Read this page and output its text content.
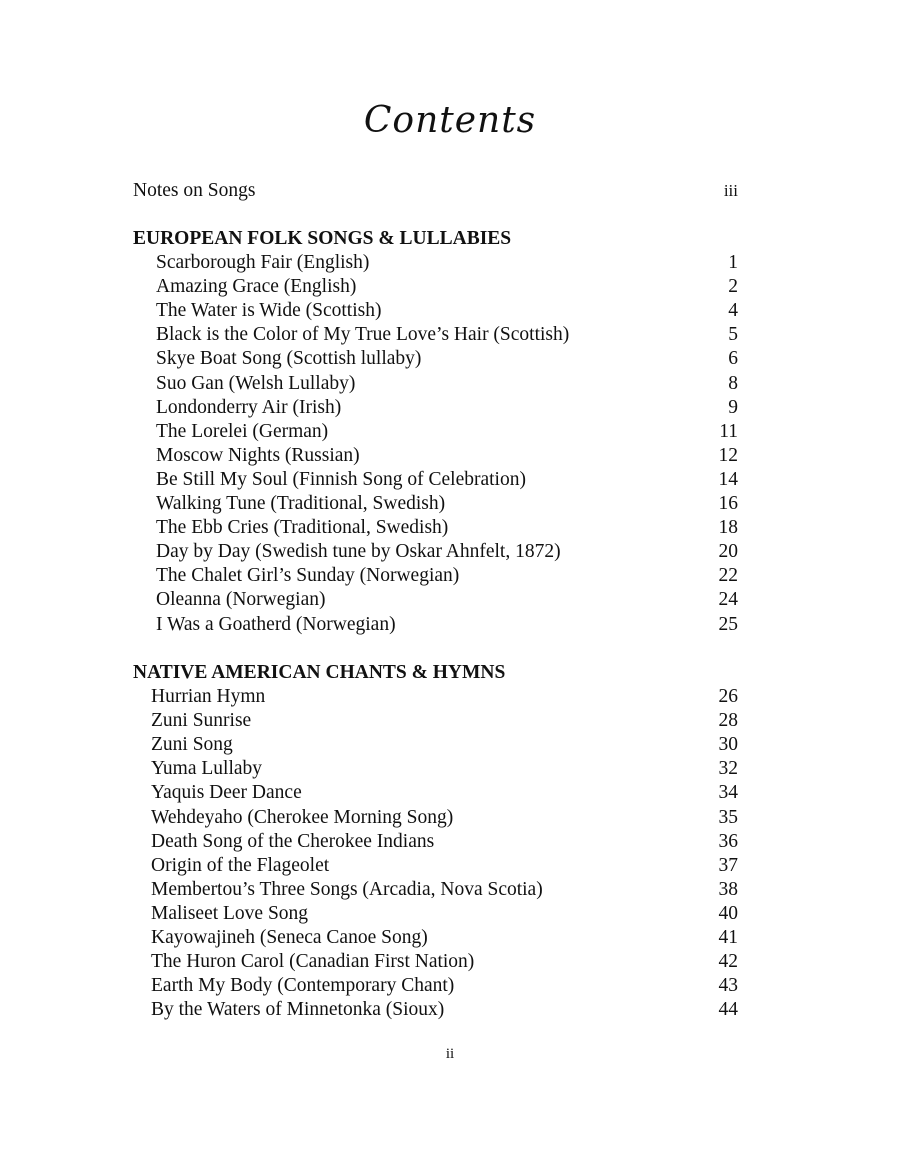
Contents
Notes on Songs	iii
EUROPEAN FOLK SONGS & LULLABIES
Scarborough Fair (English)	1
Amazing Grace (English)	2
The Water is Wide (Scottish)	4
Black is the Color of My True Love’s Hair (Scottish)	5
Skye Boat Song (Scottish lullaby)	6
Suo Gan (Welsh Lullaby)	8
Londonderry Air (Irish)	9
The Lorelei (German)	11
Moscow Nights (Russian)	12
Be Still My Soul (Finnish Song of Celebration)	14
Walking Tune (Traditional, Swedish)	16
The Ebb Cries (Traditional, Swedish)	18
Day by Day (Swedish tune by Oskar Ahnfelt, 1872)	20
The Chalet Girl’s Sunday (Norwegian)	22
Oleanna (Norwegian)	24
I Was a Goatherd (Norwegian)	25
NATIVE AMERICAN CHANTS & HYMNS
Hurrian Hymn	26
Zuni Sunrise	28
Zuni Song	30
Yuma Lullaby	32
Yaquis Deer Dance	34
Wehdeyaho (Cherokee Morning Song)	35
Death Song of the Cherokee Indians	36
Origin of the Flageolet	37
Membertou’s Three Songs (Arcadia, Nova Scotia)	38
Maliseet Love Song	40
Kayowajineh (Seneca Canoe Song)	41
The Huron Carol (Canadian First Nation)	42
Earth My Body (Contemporary Chant)	43
By the Waters of Minnetonka (Sioux)	44
ii
